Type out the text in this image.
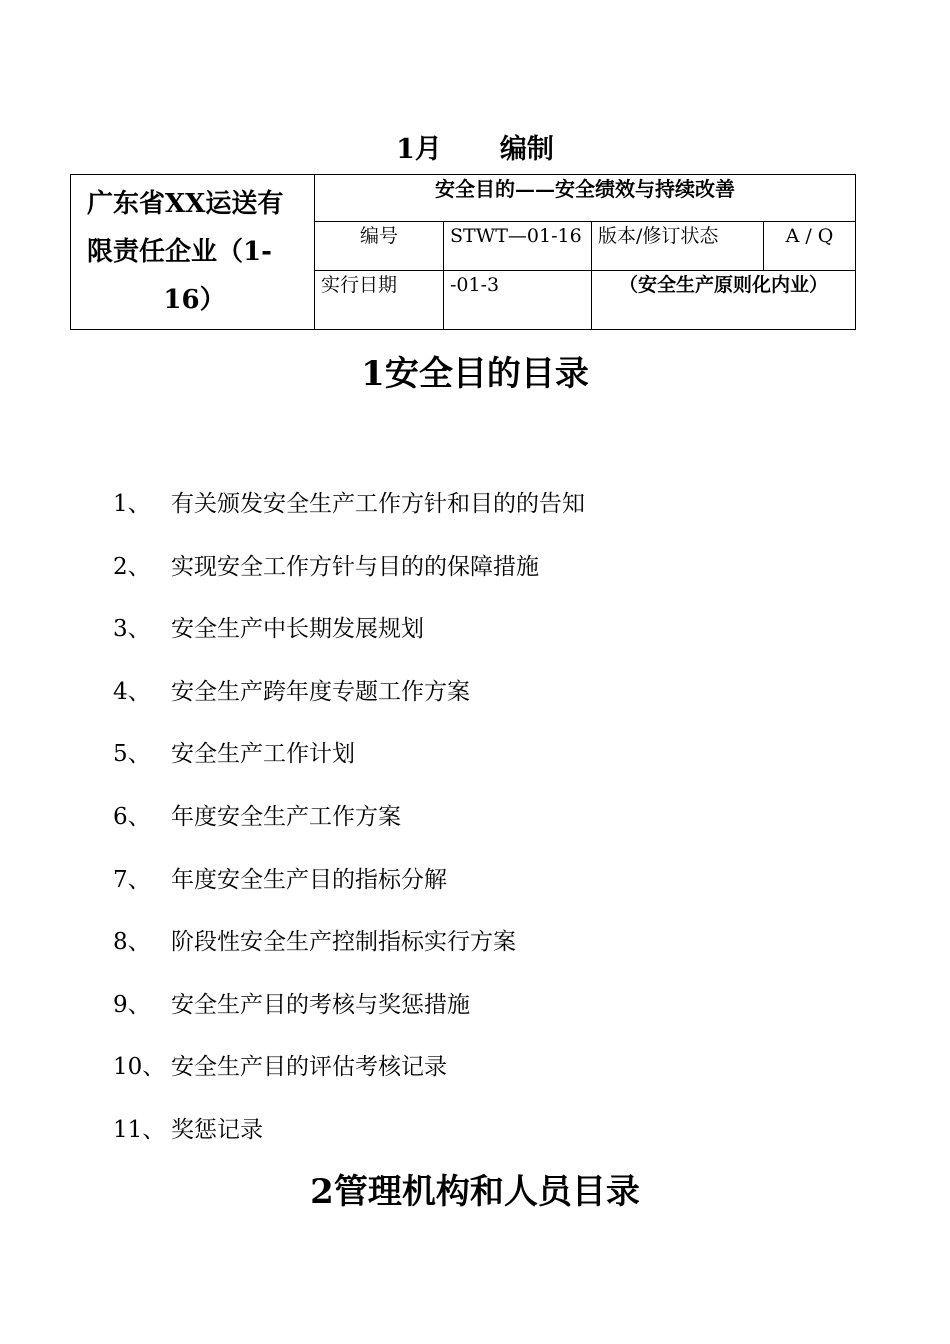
1月 编制
广东省XX运送有
限责任企业（1-
16）	安全目的——安全绩效与持续改善			
	编号	STWT—01-16	版本/修订状态	A / Q
	实行日期	-01-3	（安全生产原则化内业）	
1安全目的目录
1、 有关颁发安全生产工作方针和目的的告知
2、 实现安全工作方针与目的的保障措施
3、 安全生产中长期发展规划
4、 安全生产跨年度专题工作方案
5、 安全生产工作计划
6、 年度安全生产工作方案
7、 年度安全生产目的指标分解
8、 阶段性安全生产控制指标实行方案
9、 安全生产目的考核与奖惩措施
10、 安全生产目的评估考核记录
11、 奖惩记录
2管理机构和人员目录
